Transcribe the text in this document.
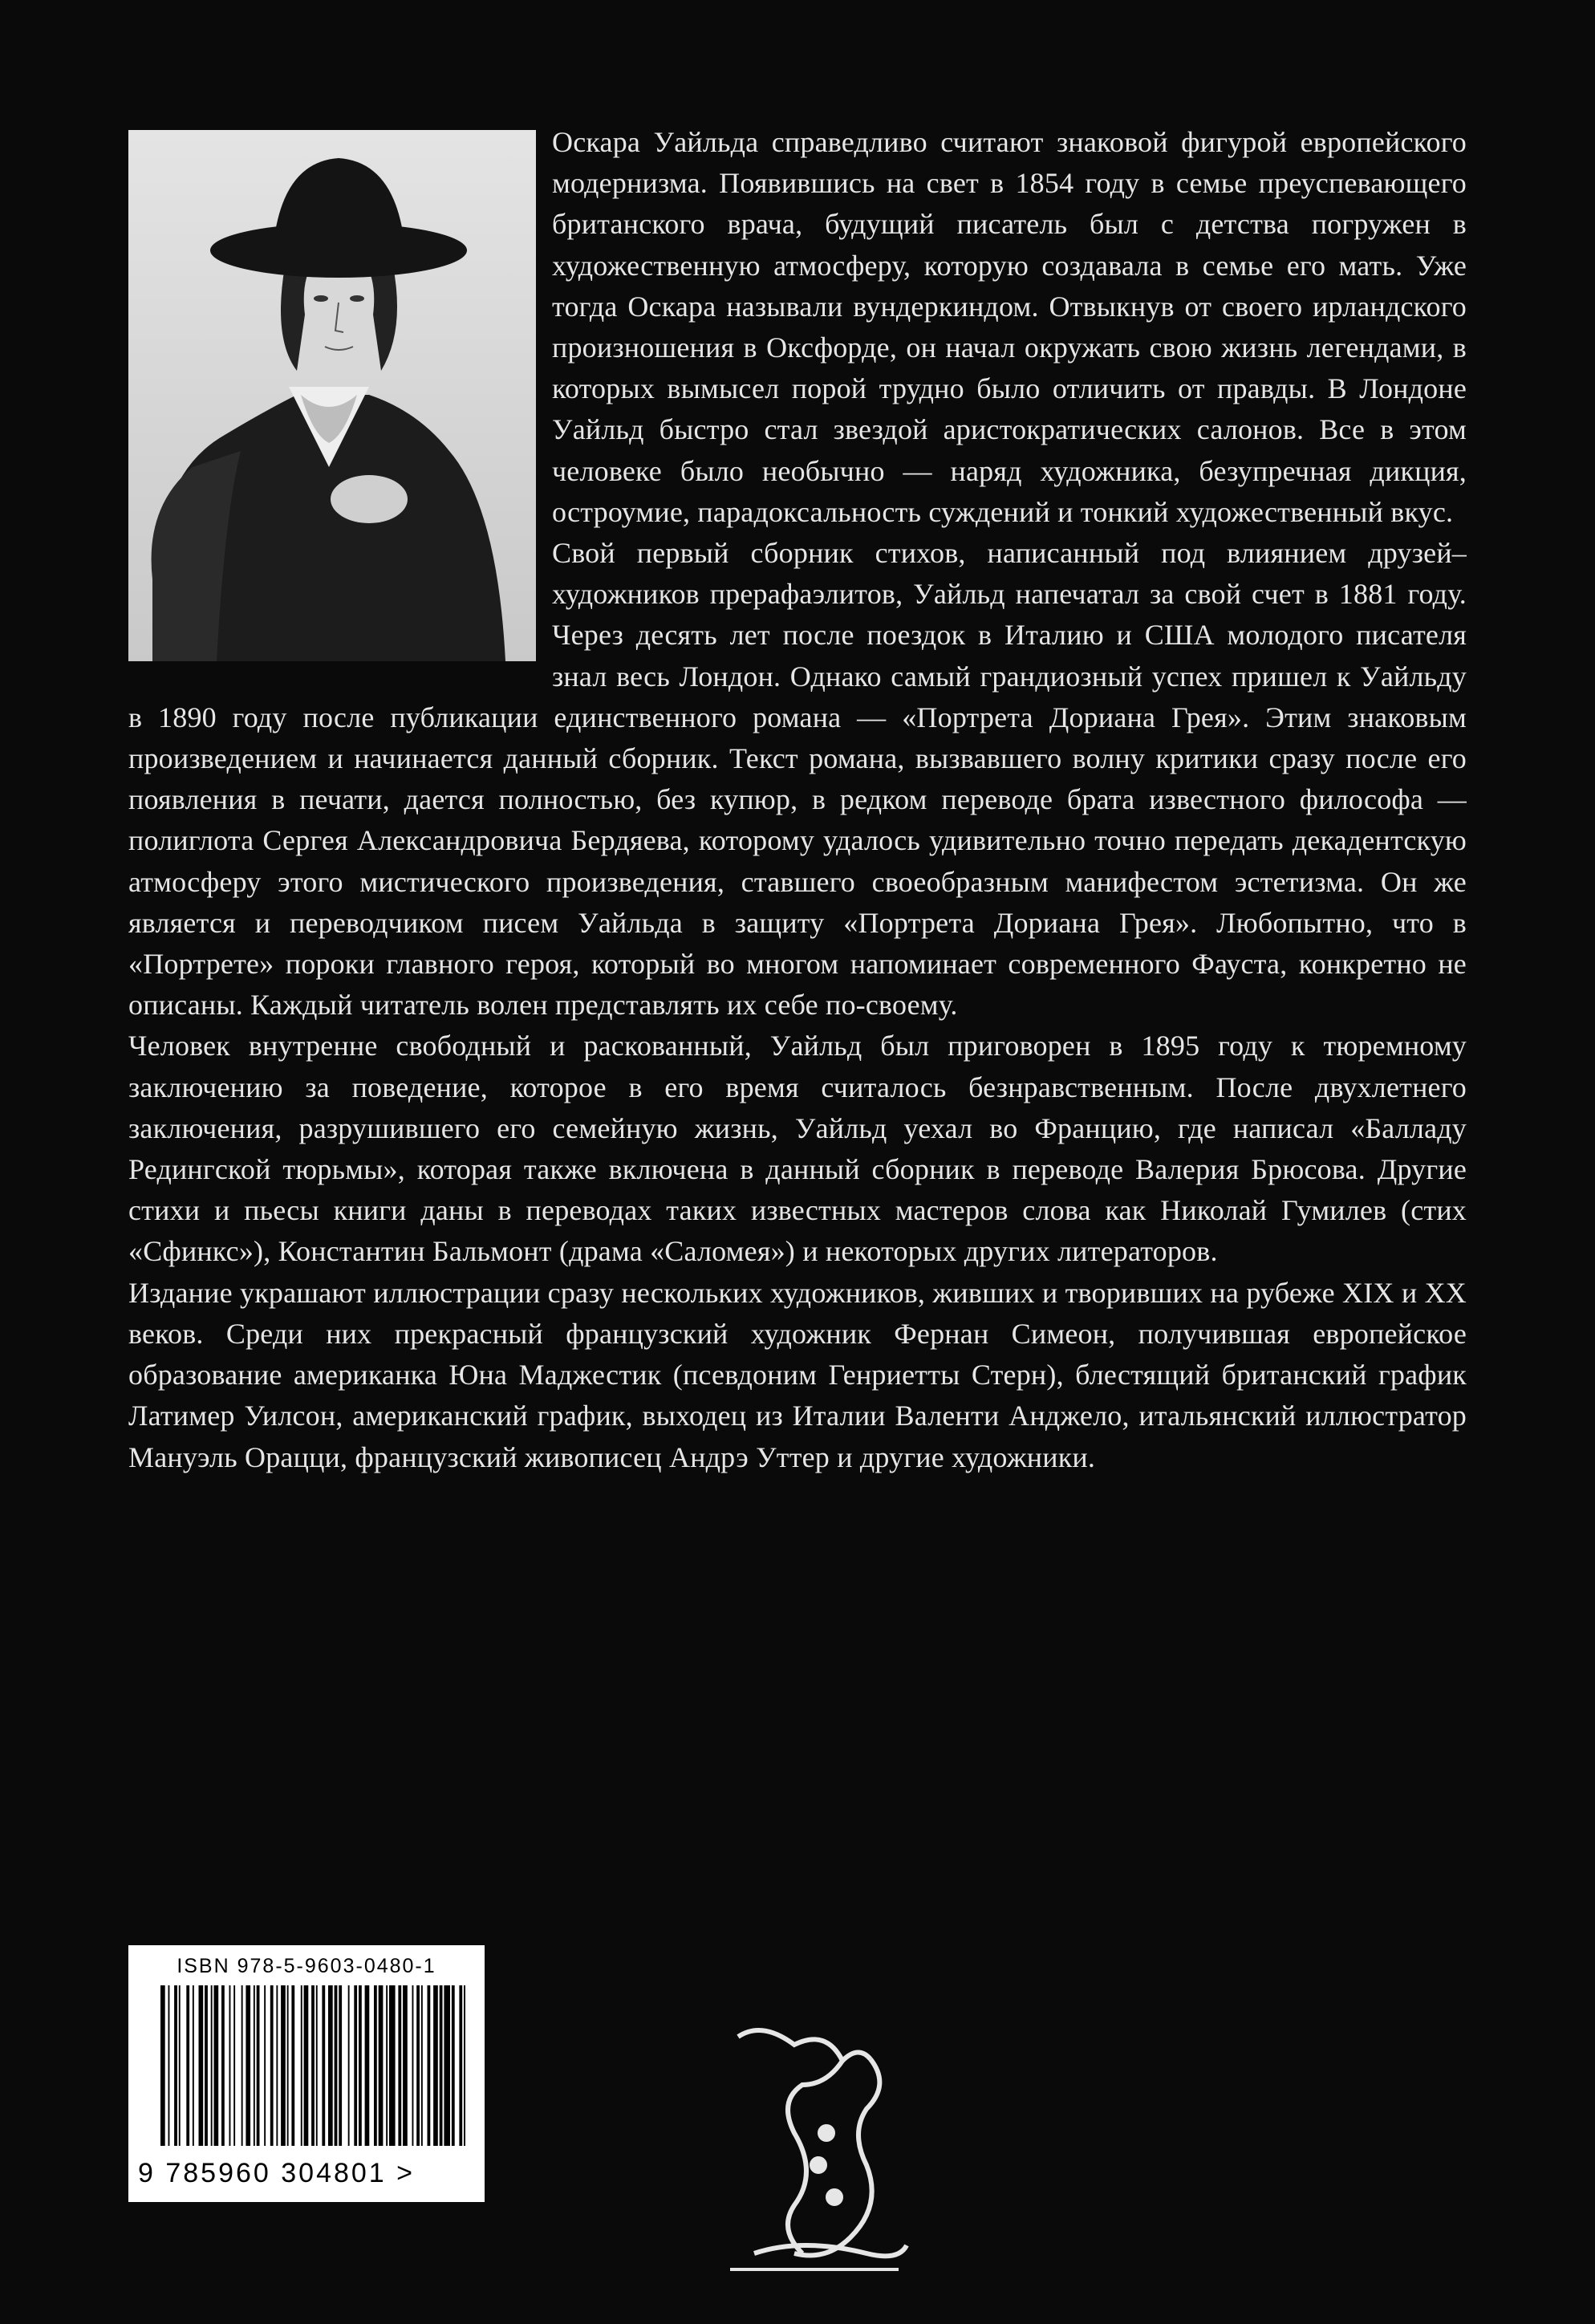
Оскара Уайльда справедливо считают знаковой фигурой европейского модернизма. Появившись на свет в 1854 году в семье преуспевающего британского врача, будущий писатель был с детства погружен в художественную атмосферу, которую создавала в семье его мать. Уже тогда Оскара называли вундеркиндом. Отвыкнув от своего ирландского произношения в Оксфорде, он начал окружать свою жизнь легендами, в которых вымысел порой трудно было отличить от правды. В Лондоне Уайльд быстро стал звездой аристократических салонов. Все в этом человеке было необычно — наряд художника, безупречная дикция, остроумие, парадоксальность суждений и тонкий художественный вкус.

Свой первый сборник стихов, написанный под влиянием друзей–художников прерафаэлитов, Уайльд напечатал за свой счет в 1881 году. Через десять лет после поездок в Италию и США молодого писателя знал весь Лондон. Однако самый грандиозный успех пришел к Уайльду в 1890 году после публикации единственного романа — «Портрета Дориана Грея». Этим знаковым произведением и начинается данный сборник. Текст романа, вызвавшего волну критики сразу после его появления в печати, дается полностью, без купюр, в редком переводе брата известного философа — полиглота Сергея Александровича Бердяева, которому удалось удивительно точно передать декадентскую атмосферу этого мистического произведения, ставшего своеобразным манифестом эстетизма. Он же является и переводчиком писем Уайльда в защиту «Портрета Дориана Грея». Любопытно, что в «Портрете» пороки главного героя, который во многом напоминает современного Фауста, конкретно не описаны. Каждый читатель волен представлять их себе по-своему.

Человек внутренне свободный и раскованный, Уайльд был приговорен в 1895 году к тюремному заключению за поведение, которое в его время считалось безнравственным. После двухлетнего заключения, разрушившего его семейную жизнь, Уайльд уехал во Францию, где написал «Балладу Редингской тюрьмы», которая также включена в данный сборник в переводе Валерия Брюсова. Другие стихи и пьесы книги даны в переводах таких известных мастеров слова как Николай Гумилев (стих «Сфинкс»), Константин Бальмонт (драма «Саломея») и некоторых других литераторов.

Издание украшают иллюстрации сразу нескольких художников, живших и творивших на рубеже XIX и XX веков. Среди них прекрасный французский художник Фернан Симеон, получившая европейское образование американка Юна Маджестик (псевдоним Генриетты Стерн), блестящий британский график Латимер Уилсон, американский график, выходец из Италии Валенти Анджело, итальянский иллюстратор Мануэль Орацци, французский живописец Андрэ Уттер и другие художники.

ISBN 978-5-9603-0480-1
9 785960 304801 >
